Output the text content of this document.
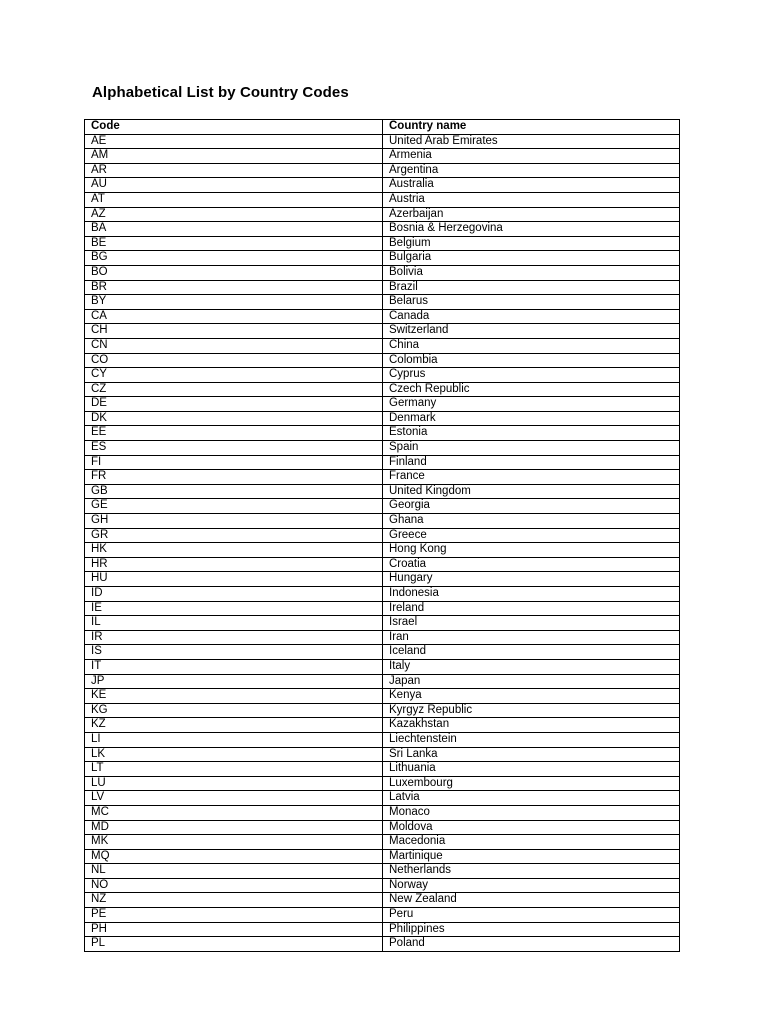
Alphabetical List by Country Codes
Code	Country name
AE	United Arab Emirates
AM	Armenia
AR	Argentina
AU	Australia
AT	Austria
AZ	Azerbaijan
BA	Bosnia & Herzegovina
BE	Belgium
BG	Bulgaria
BO	Bolivia
BR	Brazil
BY	Belarus
CA	Canada
CH	Switzerland
CN	China
CO	Colombia
CY	Cyprus
CZ	Czech Republic
DE	Germany
DK	Denmark
EE	Estonia
ES	Spain
FI	Finland
FR	France
GB	United Kingdom
GE	Georgia
GH	Ghana
GR	Greece
HK	Hong Kong
HR	Croatia
HU	Hungary
ID	Indonesia
IE	Ireland
IL	Israel
IR	Iran
IS	Iceland
IT	Italy
JP	Japan
KE	Kenya
KG	Kyrgyz Republic
KZ	Kazakhstan
LI	Liechtenstein
LK	Sri Lanka
LT	Lithuania
LU	Luxembourg
LV	Latvia
MC	Monaco
MD	Moldova
MK	Macedonia
MQ	Martinique
NL	Netherlands
NO	Norway
NZ	New Zealand
PE	Peru
PH	Philippines
PL	Poland
